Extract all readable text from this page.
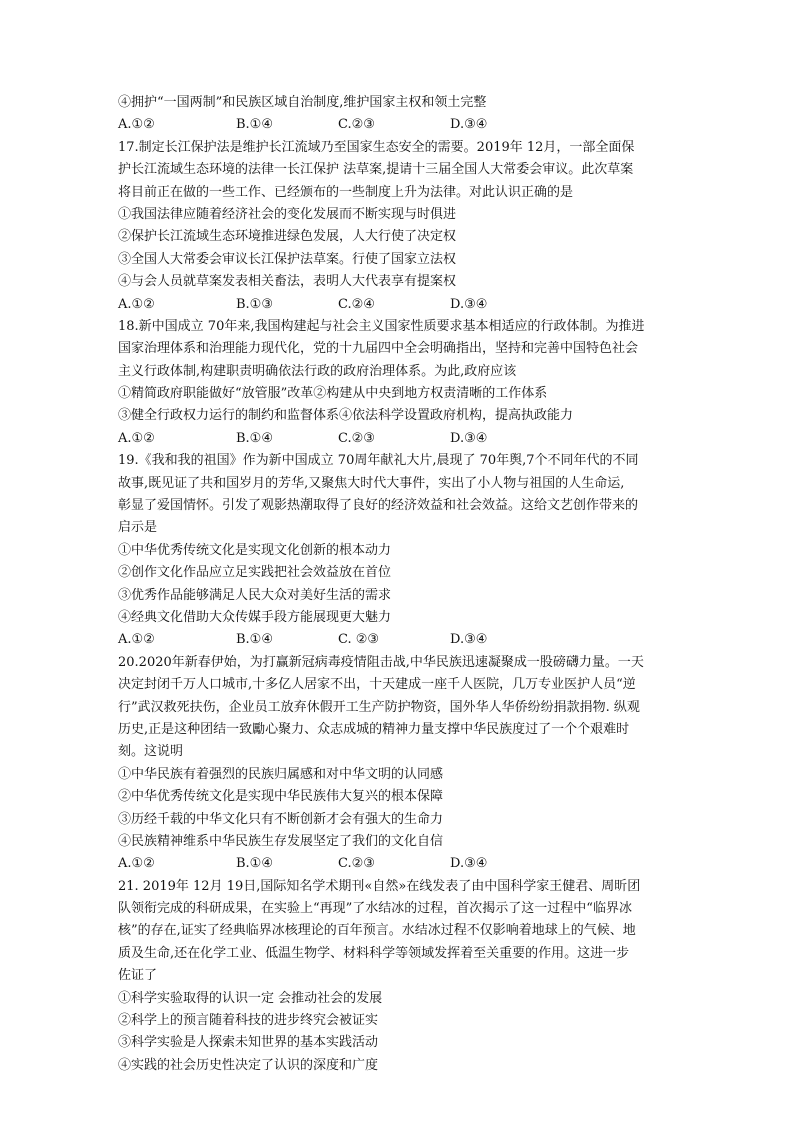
④拥护“一国两制”和民族区域自治制度,维护国家主权和领土完整
A.①②	B.①④	C.②③	D.③④
17.制定长江保护法是维护长江流域乃至国家生态安全的需要。2019年 12月，一部全面保
护长江流域生态环境的法律一长江保护 法草案,提请十三届全国人大常委会审议。此次草案
将目前正在做的一些工作、已经颁布的一些制度上升为法律。对此认识正确的是
①我国法律应随着经济社会的变化发展而不断实现与时俱进
②保护长江流域生态环境推进绿色发展，人大行使了决定权
③全国人大常委会审议长江保护法草案。行使了国家立法权
④与会人员就草案发表相关畜法，表明人大代表享有提案权
A.①②	B.①③	C.②④	D.③④
18.新中国成立 70年来,我国构建起与社会主义国家性质要求基本相适应的行政体制。为推进
国家治理体系和治理能力现代化，党的十九届四中全会明确指出，坚持和完善中国特色社会
主义行政体制,构建职责明确依法行政的政府治理体系。为此,政府应该
①精简政府职能做好“放管服”改革②构建从中央到地方权责清晰的工作体系
③健全行政权力运行的制约和监督体系④依法科学设置政府机构，提高执政能力
A.①②	B.①④	C.②③	D.③④
19.《我和我的祖国》作为新中国成立 70周年献礼大片,晨现了 70年舆,7个不同年代的不同
故事,既见证了共和国岁月的芳华,又聚焦大时代大事件，实出了小人物与祖国的人生命运,
彰显了爱国情怀。引发了观影热潮取得了良好的经济效益和社会效益。这给文艺创作带来的
启示是
①中华优秀传统文化是实现文化创新的根本动力
②创作文化作品应立足实践把社会效益放在首位
③优秀作品能够满足人民大众对美好生活的需求
④经典文化借助大众传媒手段方能展现更大魅力
A.①②	B.①④	C. ②③	D.③④
20.2020年新春伊始，为打赢新冠病毒疫情阻击战,中华民族迅速凝聚成一股磅礴力量。一天
决定封闭千万人口城市,十多亿人居家不出，十天建成一座千人医院，几万专业医护人员“逆
行”武汉救死扶伤，企业员工放弃休假开工生产防护物资，国外华人华侨纷纷捐款捐物. 纵观
历史,正是这种团结一致勵心聚力、众志成城的精神力量支撑中华民族度过了一个个艰难时
刻。这说明
①中华民族有着强烈的民族归属感和对中华文明的认同感
②中华优秀传统文化是实现中华民族伟大复兴的根本保障
③历经千载的中华文化只有不断创新才会有强大的生命力
④民族精神维系中华民族生存发展坚定了我们的文化自信
A.①②	B.①④	C.②③	D.③④
21. 2019年 12月 19日,国际知名学术期刊«自然»在线发表了由中国科学家王健君、周昕团
队领衔完成的科研成果，在实验上“再现”了水结冰的过程，首次揭示了这一过程中“临界冰
核”的存在,证实了经典临界冰核理论的百年预言。水结冰过程不仅影响着地球上的气候、地
质及生命,还在化学工业、低温生物学、材料科学等领域发挥着至关重要的作用。这进一步
佐证了
①科学实验取得的认识一定 会推动社会的发展
②科学上的预言随着科技的进步终究会被证实
③科学实验是人探索未知世界的基本实践活动
④实践的社会历史性决定了认识的深度和广度
